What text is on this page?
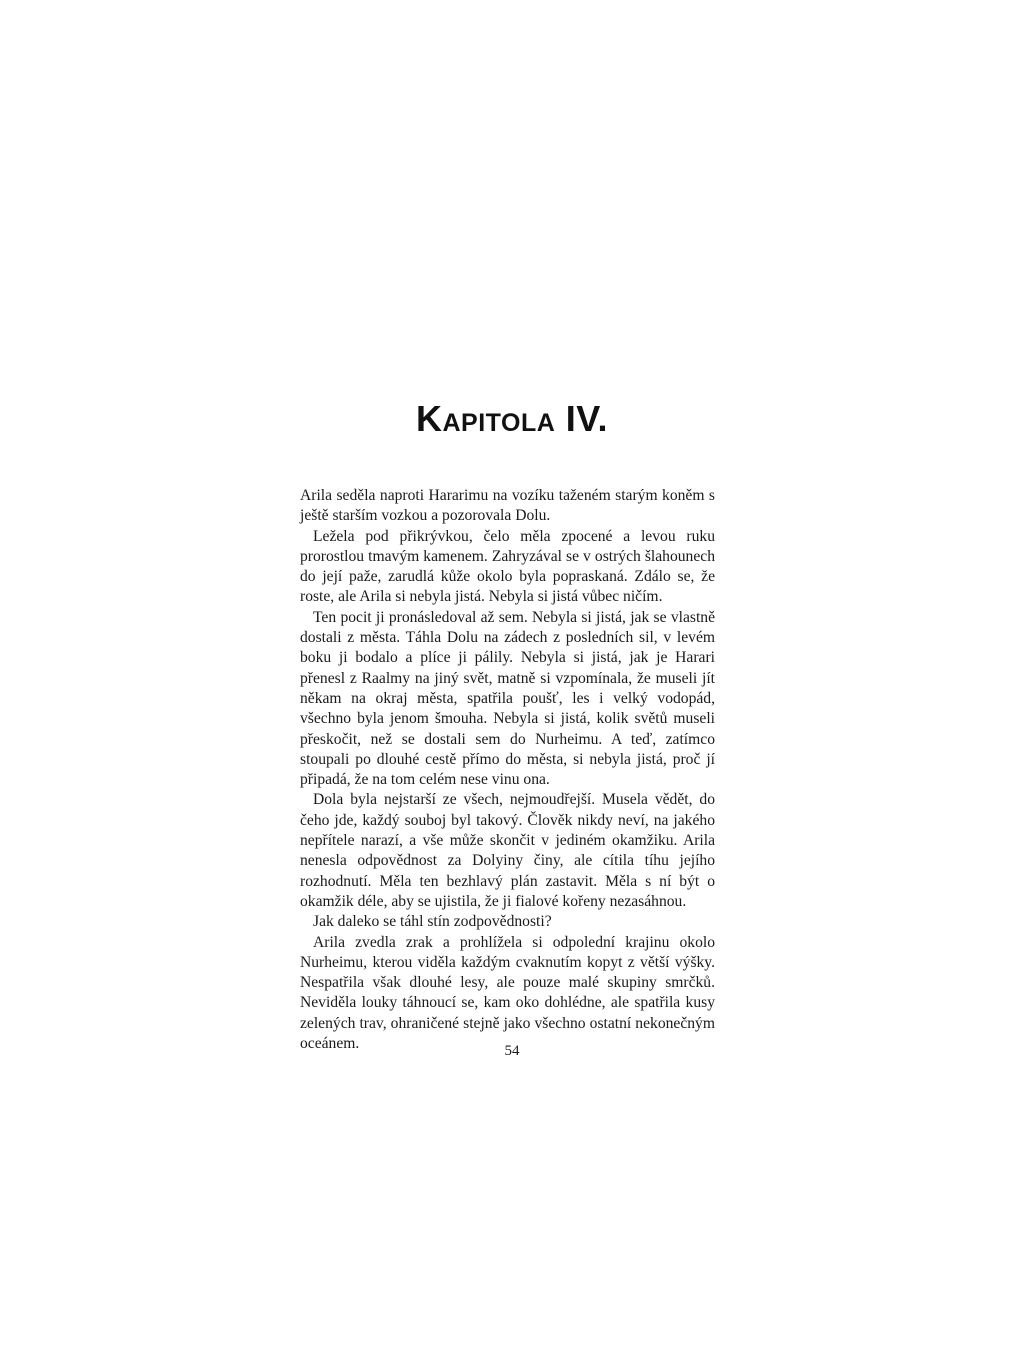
Kapitola IV.

Arila seděla naproti Hararimu na vozíku taženém starým koněm s ještě starším vozkou a pozorovala Dolu.

Ležela pod přikrývkou, čelo měla zpocené a levou ruku prorostlou tmavým kamenem. Zahryzával se v ostrých šlahounech do její paže, zarudlá kůže okolo byla popraskaná. Zdálo se, že roste, ale Arila si nebyla jistá. Nebyla si jistá vůbec ničím.

Ten pocit ji pronásledoval až sem. Nebyla si jistá, jak se vlastně dostali z města. Táhla Dolu na zádech z posledních sil, v levém boku ji bodalo a plíce ji pálily. Nebyla si jistá, jak je Harari přenesl z Raalmy na jiný svět, matně si vzpomínala, že museli jít někam na okraj města, spatřila poušť, les i velký vodopád, všechno byla jenom šmouha. Nebyla si jistá, kolik světů museli přeskočit, než se dostali sem do Nurheimu. A teď, zatímco stoupali po dlouhé cestě přímo do města, si nebyla jistá, proč jí připadá, že na tom celém nese vinu ona.

Dola byla nejstarší ze všech, nejmoudřejší. Musela vědět, do čeho jde, každý souboj byl takový. Člověk nikdy neví, na jakého nepřítele narazí, a vše může skončit v jediném okamžiku. Arila nenesla odpovědnost za Dolyiny činy, ale cítila tíhu jejího rozhodnutí. Měla ten bezhlavý plán zastavit. Měla s ní být o okamžik déle, aby se ujistila, že ji fialové kořeny nezasáhnou.

Jak daleko se táhl stín zodpovědnosti?

Arila zvedla zrak a prohlížela si odpolední krajinu okolo Nurheimu, kterou viděla každým cvaknutím kopyt z větší výšky. Nespatřila však dlouhé lesy, ale pouze malé skupiny smrčků. Neviděla louky táhnoucí se, kam oko dohlédne, ale spatřila kusy zelených trav, ohraničené stejně jako všechno ostatní nekonečným oceánem.	54
